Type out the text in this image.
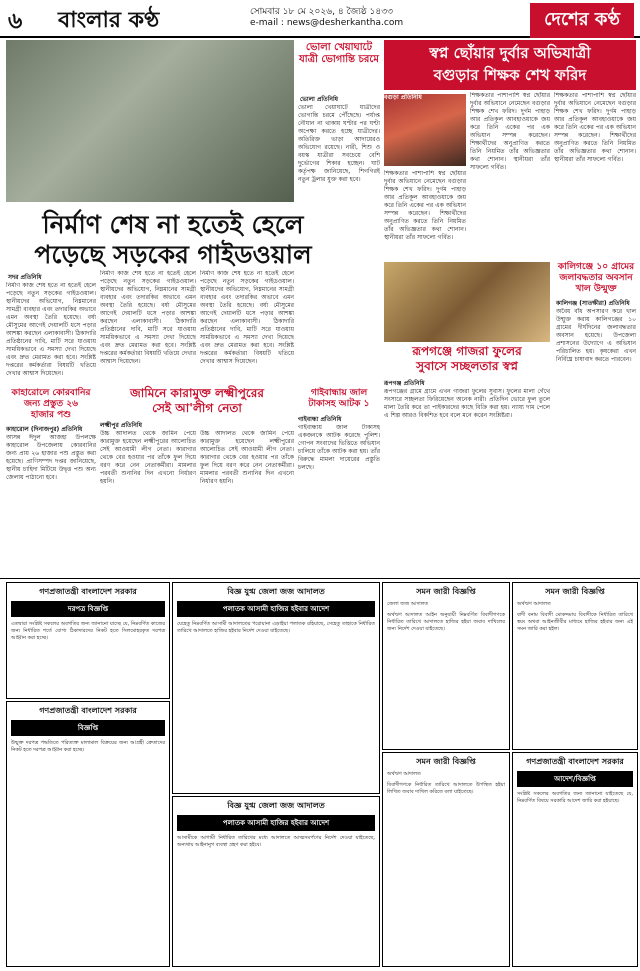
৬ বাংলার কণ্ঠ	সোমবার ১৮ মে ২০২৬, ৪ জ্যৈষ্ঠ ১৪৩৩
e-mail : news@desherkantha.com	দেশের কণ্ঠ
ভোলা খেয়াঘাটে যাত্রী ভোগান্তি চরমে
ভোলা প্রতিনিধি
ভোলা খেয়াঘাটে যাত্রীদের ভোগান্তি চরমে পৌঁছেছে। পর্যাপ্ত নৌযান না থাকায় ঘণ্টার পর ঘণ্টা অপেক্ষা করতে হচ্ছে যাত্রীদের। অতিরিক্ত ভাড়া আদায়েরও অভিযোগ রয়েছে। নারী, শিশু ও বয়স্ক যাত্রীরা সবচেয়ে বেশি দুর্ভোগের শিকার হচ্ছেন। ঘাট কর্তৃপক্ষ জানিয়েছে, শিগগিরই নতুন ট্রলার যুক্ত করা হবে।
স্বপ্ন ছোঁয়ার দুর্বার অভিযাত্রী
বগুড়ার শিক্ষক শেখ ফরিদ
বগুড়া প্রতিনিধি	শিক্ষকতার পাশাপাশি স্বপ্ন ছোঁয়ার দুর্বার অভিযানে নেমেছেন বগুড়ার শিক্ষক শেখ ফরিদ। দুর্গম পাহাড় আর প্রতিকূল আবহাওয়াকে জয় করে তিনি একের পর এক অভিযান সম্পন্ন করেছেন। শিক্ষার্থীদের অনুপ্রাণিত করতে তিনি নিয়মিত তাঁর অভিজ্ঞতার কথা শোনান। স্থানীয়রা তাঁর সাফল্যে গর্বিত।
শিক্ষকতার পাশাপাশি স্বপ্ন ছোঁয়ার দুর্বার অভিযানে নেমেছেন বগুড়ার শিক্ষক শেখ ফরিদ। দুর্গম পাহাড় আর প্রতিকূল আবহাওয়াকে জয় করে তিনি একের পর এক অভিযান সম্পন্ন করেছেন। শিক্ষার্থীদের অনুপ্রাণিত করতে তিনি নিয়মিত তাঁর অভিজ্ঞতার কথা শোনান। স্থানীয়রা তাঁর সাফল্যে গর্বিত।
শিক্ষকতার পাশাপাশি স্বপ্ন ছোঁয়ার দুর্বার অভিযানে নেমেছেন বগুড়ার শিক্ষক শেখ ফরিদ। দুর্গম পাহাড় আর প্রতিকূল আবহাওয়াকে জয় করে তিনি একের পর এক অভিযান সম্পন্ন করেছেন। শিক্ষার্থীদের অনুপ্রাণিত করতে তিনি নিয়মিত তাঁর অভিজ্ঞতার কথা শোনান। স্থানীয়রা তাঁর সাফল্যে গর্বিত।
কালিগঞ্জে ১০ গ্রামের
জলাবদ্ধতার অবসান খাল উন্মুক্ত
কালিগঞ্জ (সাতক্ষীরা) প্রতিনিধি
অবৈধ বাঁধ অপসারণ করে খাল উন্মুক্ত করায় কালিগঞ্জের ১০ গ্রামের দীর্ঘদিনের জলাবদ্ধতার অবসান হয়েছে। উপজেলা প্রশাসনের উদ্যোগে এ অভিযান পরিচালিত হয়। কৃষকেরা এখন নির্বিঘ্নে চাষাবাদ করতে পারবেন।
রূপগঞ্জে গাজরা ফুলের
সুবাসে সচ্ছলতার স্বপ্ন
রূপগঞ্জ প্রতিনিধি
রূপগঞ্জের গ্রামে গ্রামে এখন গাজরা ফুলের সুবাস। ফুলের মালা গেঁথে সংসারে সচ্ছলতা ফিরিয়েছেন অনেক নারী। প্রতিদিন ভোরে ফুল তুলে মালা তৈরি করে তা পাইকারদের কাছে বিক্রি করা হয়। ন্যায্য দাম পেলে এ শিল্প আরও বিকশিত হবে বলে মনে করেন সংশ্লিষ্টরা।
নির্মাণ শেষ না হতেই হেলে
পড়েছে সড়কের গাইডওয়াল
সদর প্রতিনিধি
নির্মাণ কাজ শেষ হতে না হতেই হেলে পড়েছে নতুন সড়কের গাইডওয়াল। স্থানীয়দের অভিযোগ, নিম্নমানের সামগ্রী ব্যবহার এবং তদারকির অভাবে এমন অবস্থা তৈরি হয়েছে। বর্ষা মৌসুমের আগেই দেয়ালটি ধসে পড়ার আশঙ্কা করছেন এলাকাবাসী। ঠিকাদারি প্রতিষ্ঠানের দাবি, মাটি সরে যাওয়ায় সাময়িকভাবে এ সমস্যা দেখা দিয়েছে এবং দ্রুত মেরামত করা হবে। সংশ্লিষ্ট দপ্তরের কর্মকর্তারা বিষয়টি খতিয়ে দেখার আশ্বাস দিয়েছেন।
নির্মাণ কাজ শেষ হতে না হতেই হেলে পড়েছে নতুন সড়কের গাইডওয়াল। স্থানীয়দের অভিযোগ, নিম্নমানের সামগ্রী ব্যবহার এবং তদারকির অভাবে এমন অবস্থা তৈরি হয়েছে। বর্ষা মৌসুমের আগেই দেয়ালটি ধসে পড়ার আশঙ্কা করছেন এলাকাবাসী। ঠিকাদারি প্রতিষ্ঠানের দাবি, মাটি সরে যাওয়ায় সাময়িকভাবে এ সমস্যা দেখা দিয়েছে এবং দ্রুত মেরামত করা হবে। সংশ্লিষ্ট দপ্তরের কর্মকর্তারা বিষয়টি খতিয়ে দেখার আশ্বাস দিয়েছেন।
নির্মাণ কাজ শেষ হতে না হতেই হেলে পড়েছে নতুন সড়কের গাইডওয়াল। স্থানীয়দের অভিযোগ, নিম্নমানের সামগ্রী ব্যবহার এবং তদারকির অভাবে এমন অবস্থা তৈরি হয়েছে। বর্ষা মৌসুমের আগেই দেয়ালটি ধসে পড়ার আশঙ্কা করছেন এলাকাবাসী। ঠিকাদারি প্রতিষ্ঠানের দাবি, মাটি সরে যাওয়ায় সাময়িকভাবে এ সমস্যা দেখা দিয়েছে এবং দ্রুত মেরামত করা হবে। সংশ্লিষ্ট দপ্তরের কর্মকর্তারা বিষয়টি খতিয়ে দেখার আশ্বাস দিয়েছেন।
কাহারোলে কোরবানির
জন্য প্রস্তুত ২৬
হাজার পশু
কাহারোল (দিনাজপুর) প্রতিনিধি
আসন্ন ঈদুল আজহা উপলক্ষে কাহারোল উপজেলায় কোরবানির জন্য প্রায় ২৬ হাজার পশু প্রস্তুত করা হয়েছে। প্রাণিসম্পদ দপ্তর জানিয়েছে, স্থানীয় চাহিদা মিটিয়ে উদ্বৃত্ত পশু অন্য জেলায় পাঠানো হবে।
জামিনে কারামুক্ত লক্ষ্মীপুরের
সেই আ'লীগ নেতা
লক্ষ্মীপুর প্রতিনিধি
উচ্চ আদালত থেকে জামিন পেয়ে কারামুক্ত হয়েছেন লক্ষ্মীপুরের আলোচিত সেই আওয়ামী লীগ নেতা। কারাগার থেকে বের হওয়ার পর তাঁকে ফুল দিয়ে বরণ করে নেন নেতাকর্মীরা। মামলার পরবর্তী শুনানির দিন এখনো নির্ধারণ হয়নি।
উচ্চ আদালত থেকে জামিন পেয়ে কারামুক্ত হয়েছেন লক্ষ্মীপুরের আলোচিত সেই আওয়ামী লীগ নেতা। কারাগার থেকে বের হওয়ার পর তাঁকে ফুল দিয়ে বরণ করে নেন নেতাকর্মীরা। মামলার পরবর্তী শুনানির দিন এখনো নির্ধারণ হয়নি।
গাইবান্ধায় জাল
টাকাসহ আটক ১
গাইবান্ধা প্রতিনিধি
গাইবান্ধায় জাল টাকাসহ একজনকে আটক করেছে পুলিশ। গোপন সংবাদের ভিত্তিতে অভিযান চালিয়ে তাঁকে আটক করা হয়। তাঁর বিরুদ্ধে মামলা দায়েরের প্রস্তুতি চলছে।
গণপ্রজাতন্ত্রী বাংলাদেশ সরকার
দরপত্র বিজ্ঞপ্তি
এতদ্বারা সংশ্লিষ্ট সকলের অবগতির জন্য জানানো যাচ্ছে যে, নিম্নবর্ণিত কাজের জন্য নির্ধারিত শর্তে যোগ্য ঠিকাদারদের নিকট হতে সিলমোহরকৃত দরপত্র আহ্বান করা হচ্ছে।
বিজ্ঞ যুগ্ম জেলা জজ আদালত
পলাতক আসামী হাজির হইবার আদেশ
যেহেতু নিম্নবর্ণিত আসামী আদালতের পরোয়ানা এড়াইয়া পলাতক রহিয়াছে, সেহেতু তাহাকে নির্ধারিত তারিখে আদালতে হাজির হইবার নির্দেশ দেওয়া যাইতেছে।
সমন জারী বিজ্ঞপ্তি
জেলা জজ আদালত
অর্থঋণ আদালত আইন অনুযায়ী নিম্নবর্ণিত বিবাদীগণকে নির্ধারিত তারিখে আদালতে হাজির হইয়া জবাব দাখিলের জন্য নির্দেশ দেওয়া যাইতেছে।
সমন জারী বিজ্ঞপ্তি
অর্থঋণ আদালত
বাদী বনাম বিবাদী মোকদ্দমায় বিবাদীকে নির্ধারিত তারিখে স্বয়ং অথবা আইনজীবীর মাধ্যমে হাজির হইবার জন্য এই সমন জারি করা হইল।
গণপ্রজাতন্ত্রী বাংলাদেশ সরকার
বিজ্ঞপ্তি
উন্মুক্ত দরপত্র পদ্ধতিতে পরিত্যক্ত মালামাল বিক্রয়ের জন্য আগ্রহী ক্রেতাদের নিকট হতে দরপত্র আহ্বান করা হচ্ছে।
বিজ্ঞ যুগ্ম জেলা জজ আদালত
পলাতক আসামী হাজির হইবার আদেশ
আসামীকে আগামী নির্ধারিত তারিখের মধ্যে আদালতে আত্মসমর্পণের নির্দেশ দেওয়া যাইতেছে, অন্যথায় আইনানুগ ব্যবস্থা গ্রহণ করা হইবে।
সমন জারী বিজ্ঞপ্তি
অর্থঋণ আদালত
বিবাদীগণকে নির্ধারিত তারিখে আদালতে উপস্থিত হইয়া লিখিত জবাব দাখিল করিতে বলা যাইতেছে।
গণপ্রজাতন্ত্রী বাংলাদেশ সরকার
আদেশ/বিজ্ঞপ্তি
সংশ্লিষ্ট সকলের অবগতির জন্য জানানো যাইতেছে যে, নিম্নবর্ণিত বিষয়ে সরকারি আদেশ জারি করা হইয়াছে।
